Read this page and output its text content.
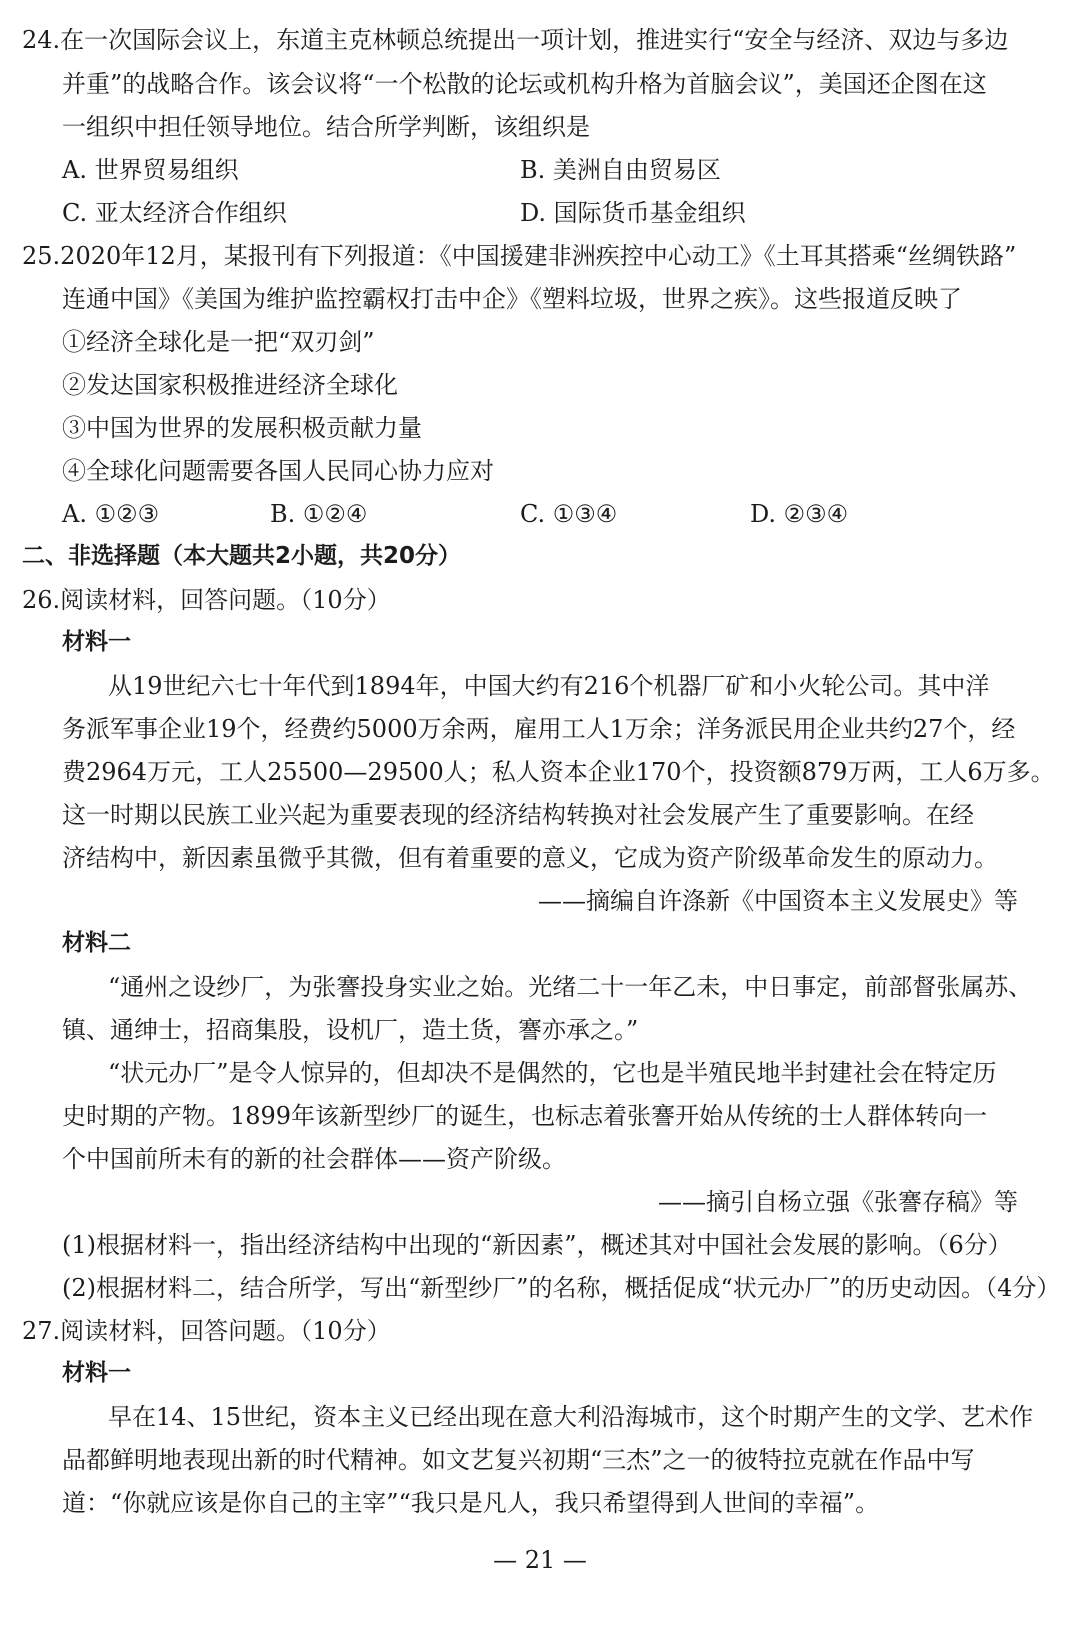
24.在一次国际会议上，东道主克林顿总统提出一项计划，推进实行“安全与经济、双边与多边
并重”的战略合作。该会议将“一个松散的论坛或机构升格为首脑会议”，美国还企图在这
一组织中担任领导地位。结合所学判断，该组织是
A. 世界贸易组织	B. 美洲自由贸易区
C. 亚太经济合作组织	D. 国际货币基金组织
25.2020年12月，某报刊有下列报道：《中国援建非洲疾控中心动工》《土耳其搭乘“丝绸铁路”
连通中国》《美国为维护监控霸权打击中企》《塑料垃圾，世界之疾》。这些报道反映了
①经济全球化是一把“双刃剑”
②发达国家积极推进经济全球化
③中国为世界的发展积极贡献力量
④全球化问题需要各国人民同心协力应对
A. ①②③	B. ①②④	C. ①③④	D. ②③④
二、非选择题（本大题共2小题，共20分）
26.阅读材料，回答问题。（10分）
材料一
从19世纪六七十年代到1894年，中国大约有216个机器厂矿和小火轮公司。其中洋
务派军事企业19个，经费约5000万余两，雇用工人1万余；洋务派民用企业共约27个，经
费2964万元，工人25500—29500人；私人资本企业170个，投资额879万两，工人6万多。
这一时期以民族工业兴起为重要表现的经济结构转换对社会发展产生了重要影响。在经
济结构中，新因素虽微乎其微，但有着重要的意义，它成为资产阶级革命发生的原动力。
——摘编自许涤新《中国资本主义发展史》等
材料二
“通州之设纱厂，为张謇投身实业之始。光绪二十一年乙未，中日事定，前部督张属苏、
镇、通绅士，招商集股，设机厂，造土货，謇亦承之。”
“状元办厂”是令人惊异的，但却决不是偶然的，它也是半殖民地半封建社会在特定历
史时期的产物。1899年该新型纱厂的诞生，也标志着张謇开始从传统的士人群体转向一
个中国前所未有的新的社会群体——资产阶级。
——摘引自杨立强《张謇存稿》等
(1)根据材料一，指出经济结构中出现的“新因素”，概述其对中国社会发展的影响。（6分）
(2)根据材料二，结合所学，写出“新型纱厂”的名称，概括促成“状元办厂”的历史动因。（4分）
27.阅读材料，回答问题。（10分）
材料一
早在14、15世纪，资本主义已经出现在意大利沿海城市，这个时期产生的文学、艺术作
品都鲜明地表现出新的时代精神。如文艺复兴初期“三杰”之一的彼特拉克就在作品中写
道：“你就应该是你自己的主宰”“我只是凡人，我只希望得到人世间的幸福”。
— 21 —
